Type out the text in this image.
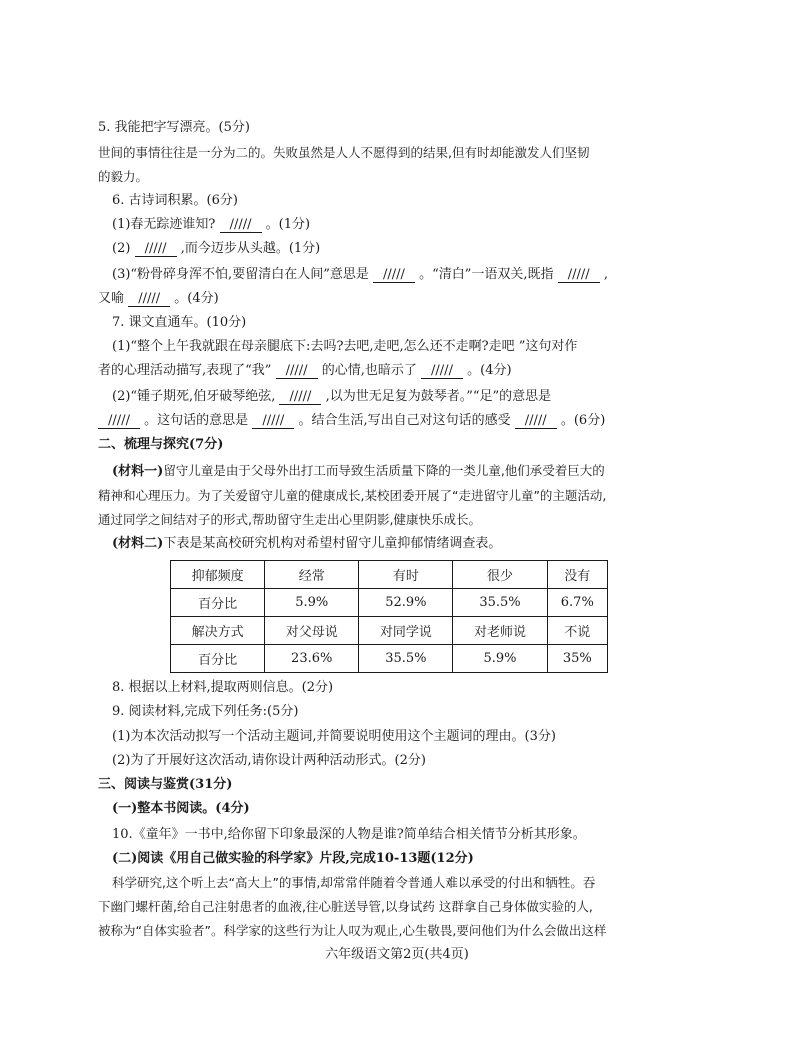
5. 我能把字写漂亮。(5分)
世间的事情往往是一分为二的。失败虽然是人人不愿得到的结果,但有时却能激发人们坚韧
的毅力。
6. 古诗词积累。(6分)
(1)春无踪迹谁知? ///// 。(1分)
(2) ///// ,而今迈步从头越。(1分)
(3)“粉骨碎身浑不怕,要留清白在人间”意思是 ///// 。“清白”一语双关,既指 ///// ,
又喻 ///// 。(4分)
7. 课文直通车。(10分)
(1)“整个上午我就跟在母亲腿底下:去吗?去吧,走吧,怎么还不走啊?走吧 ”这句对作
者的心理活动描写,表现了“我” ///// 的心情,也暗示了 ///// 。(4分)
(2)“锺子期死,伯牙破琴绝弦, ///// ,以为世无足复为鼓琴者。”“足”的意思是
///// 。这句话的意思是 ///// 。结合生活,写出自己对这句话的感受 ///// 。(6分)
二、梳理与探究(7分)
(材料一)留守儿童是由于父母外出打工而导致生活质量下降的一类儿童,他们承受着巨大的
精神和心理压力。为了关爱留守儿童的健康成长,某校团委开展了“走进留守儿童”的主题活动,
通过同学之间结对子的形式,帮助留守生走出心里阴影,健康快乐成长。
(材料二)下表是某高校研究机构对希望村留守儿童抑郁情绪调查表。
抑郁频度	经常	有时	很少	没有
百分比	5.9%	52.9%	35.5%	6.7%
解决方式	对父母说	对同学说	对老师说	不说
百分比	23.6%	35.5%	5.9%	35%
8. 根据以上材料,提取两则信息。(2分)
9. 阅读材料,完成下列任务:(5分)
(1)为本次活动拟写一个活动主题词,并简要说明使用这个主题词的理由。(3分)
(2)为了开展好这次活动,请你设计两种活动形式。(2分)
三、阅读与鉴赏(31分)
(一)整本书阅读。(4分)
10.《童年》一书中,给你留下印象最深的人物是谁?简单结合相关情节分析其形象。
(二)阅读《用自己做实验的科学家》片段,完成10-13题(12分)
科学研究,这个听上去“高大上”的事情,却常常伴随着令普通人难以承受的付出和牺牲。吞
下幽门螺杆菌,给自己注射患者的血液,往心脏送导管,以身试药 这群拿自己身体做实验的人,
被称为“自体实验者”。科学家的这些行为让人叹为观止,心生敬畏,要问他们为什么会做出这样
六年级语文第2页(共4页)
